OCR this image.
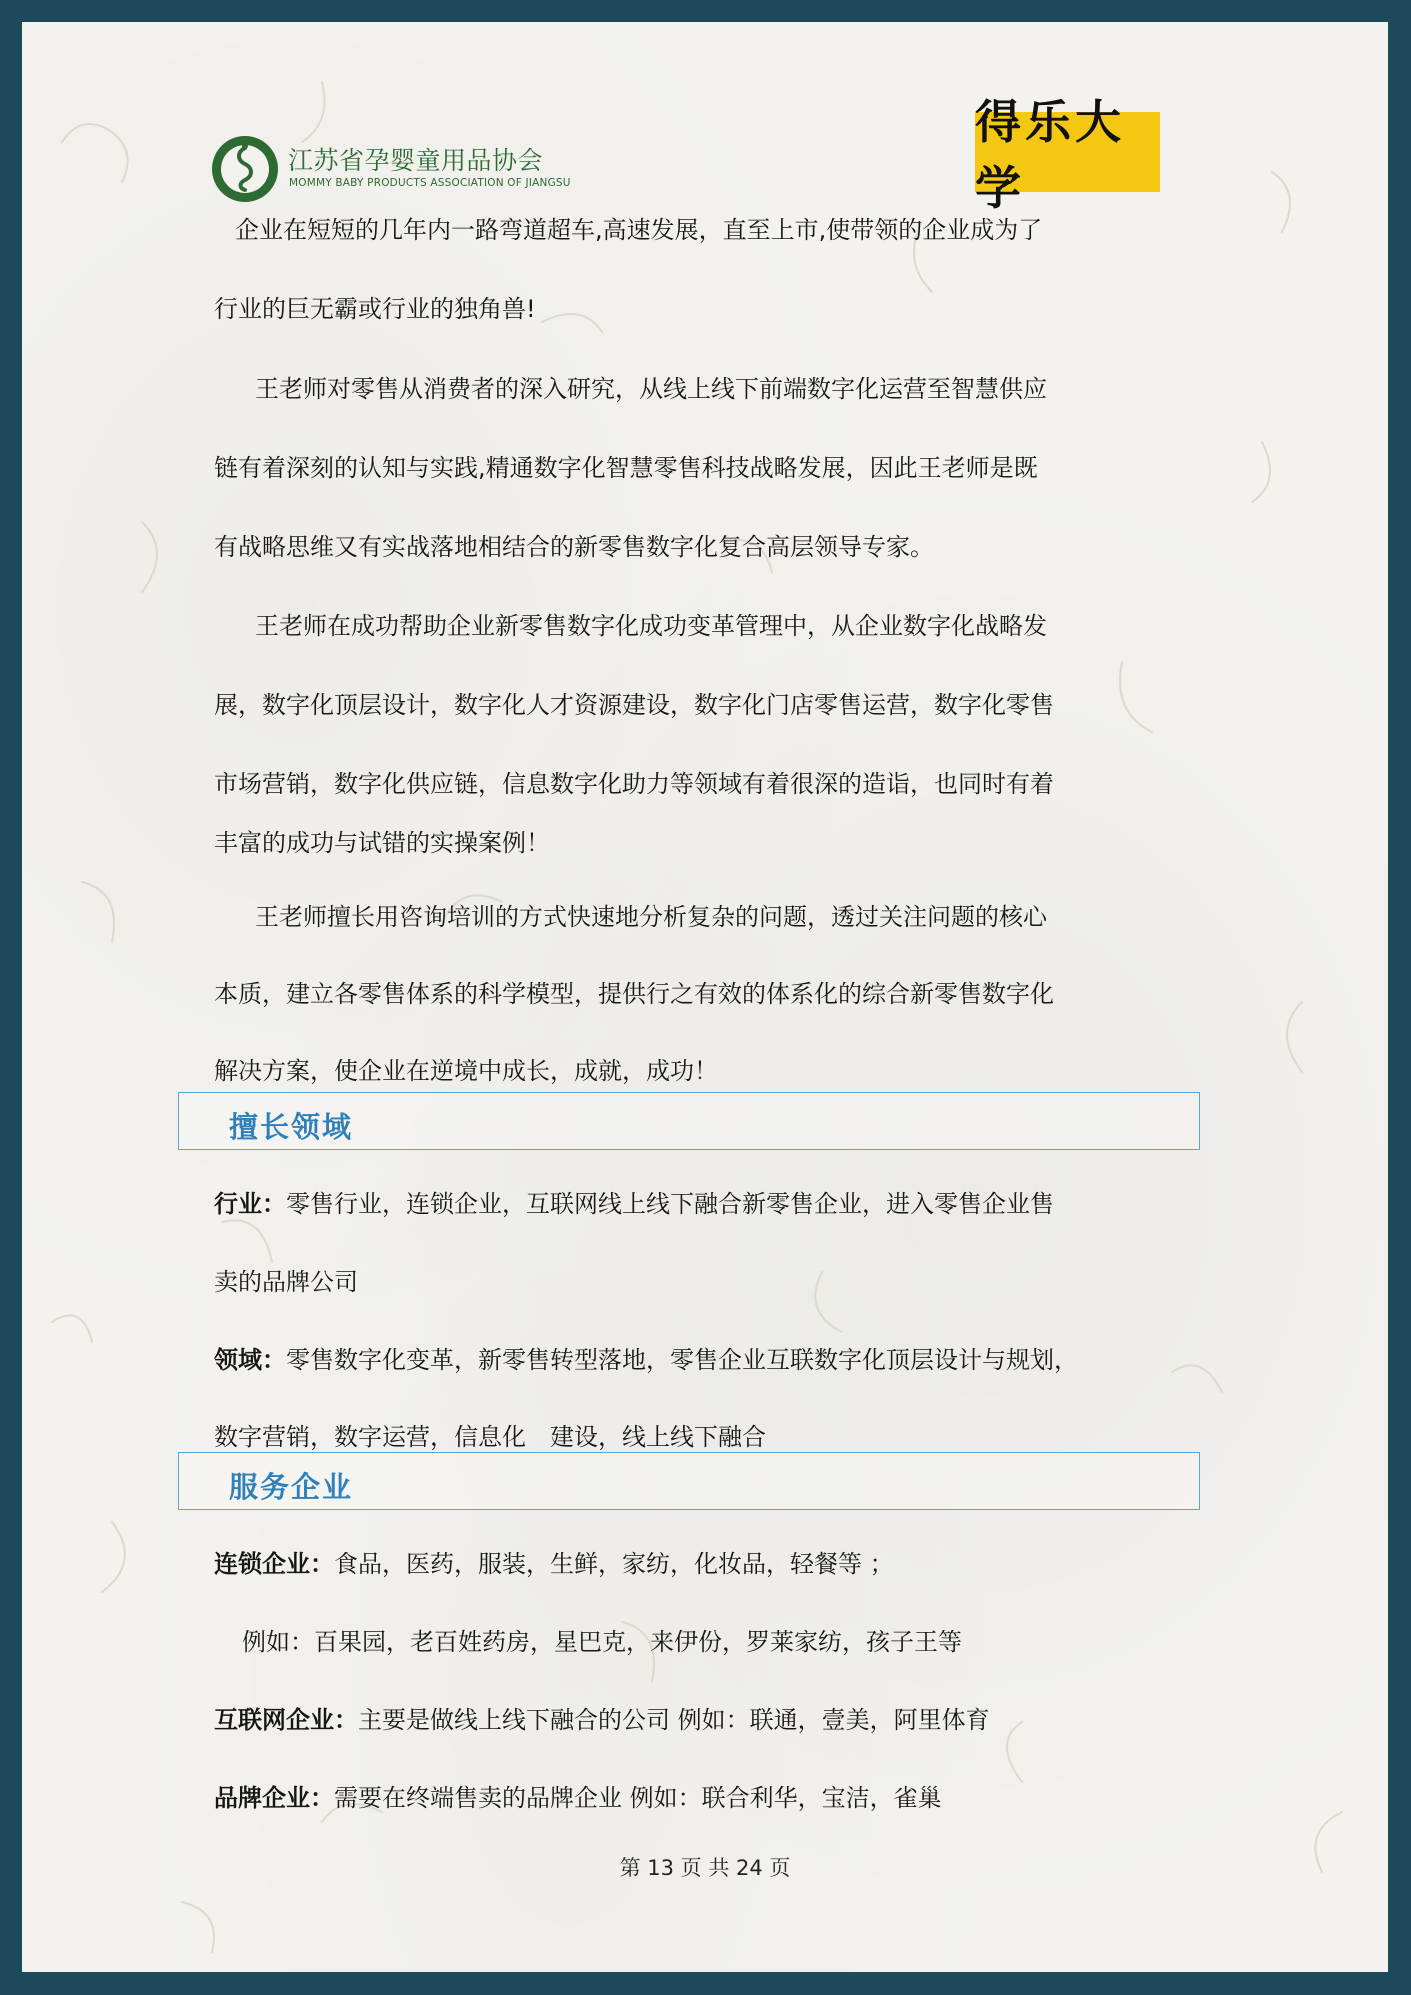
江苏省孕婴童用品协会
MOMMY BABY PRODUCTS ASSOCIATION OF JIANGSU
得乐大学
企业在短短的几年内一路弯道超车,高速发展，直至上市,使带领的企业成为了
行业的巨无霸或行业的独角兽!
王老师对零售从消费者的深入研究，从线上线下前端数字化运营至智慧供应
链有着深刻的认知与实践,精通数字化智慧零售科技战略发展，因此王老师是既
有战略思维又有实战落地相结合的新零售数字化复合高层领导专家。
王老师在成功帮助企业新零售数字化成功变革管理中，从企业数字化战略发
展，数字化顶层设计，数字化人才资源建设，数字化门店零售运营，数字化零售
市场营销，数字化供应链，信息数字化助力等领域有着很深的造诣，也同时有着
丰富的成功与试错的实操案例！
王老师擅长用咨询培训的方式快速地分析复杂的问题，透过关注问题的核心
本质，建立各零售体系的科学模型，提供行之有效的体系化的综合新零售数字化
解决方案，使企业在逆境中成长，成就，成功！
擅长领域
行业：零售行业，连锁企业，互联网线上线下融合新零售企业，进入零售企业售
卖的品牌公司
领域：零售数字化变革，新零售转型落地，零售企业互联数字化顶层设计与规划，
数字营销，数字运营，信息化　建设，线上线下融合
服务企业
连锁企业：食品，医药，服装，生鲜，家纺，化妆品，轻餐等 ；
例如：百果园，老百姓药房，星巴克，来伊份，罗莱家纺，孩子王等
互联网企业：主要是做线上线下融合的公司 例如：联通，壹美，阿里体育
品牌企业：需要在终端售卖的品牌企业 例如：联合利华，宝洁，雀巢
第 13 页 共 24 页
